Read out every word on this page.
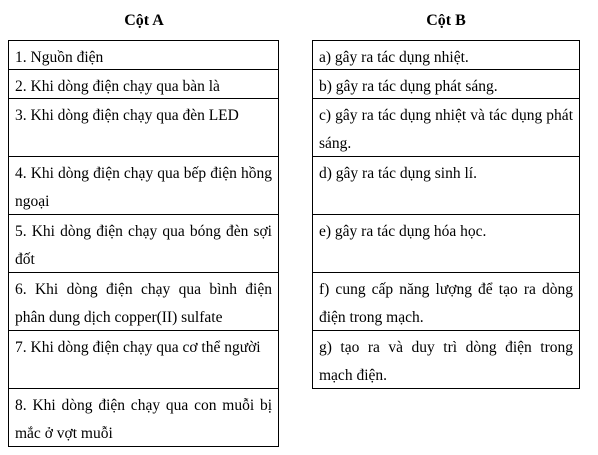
Cột A	Cột B
1. Nguồn điện
2. Khi dòng điện chạy qua bàn là
3. Khi dòng điện chạy qua đèn LED
4. Khi dòng điện chạy qua bếp điện hồng ngoại
5. Khi dòng điện chạy qua bóng đèn sợi đốt
6. Khi dòng điện chạy qua bình điện phân dung dịch copper(II) sulfate
7. Khi dòng điện chạy qua cơ thể người
8. Khi dòng điện chạy qua con muỗi bị mắc ở vợt muỗi
a) gây ra tác dụng nhiệt.
b) gây ra tác dụng phát sáng.
c) gây ra tác dụng nhiệt và tác dụng phát sáng.
d) gây ra tác dụng sinh lí.
e) gây ra tác dụng hóa học.
f) cung cấp năng lượng để tạo ra dòng điện trong mạch.
g) tạo ra và duy trì dòng điện trong mạch điện.
